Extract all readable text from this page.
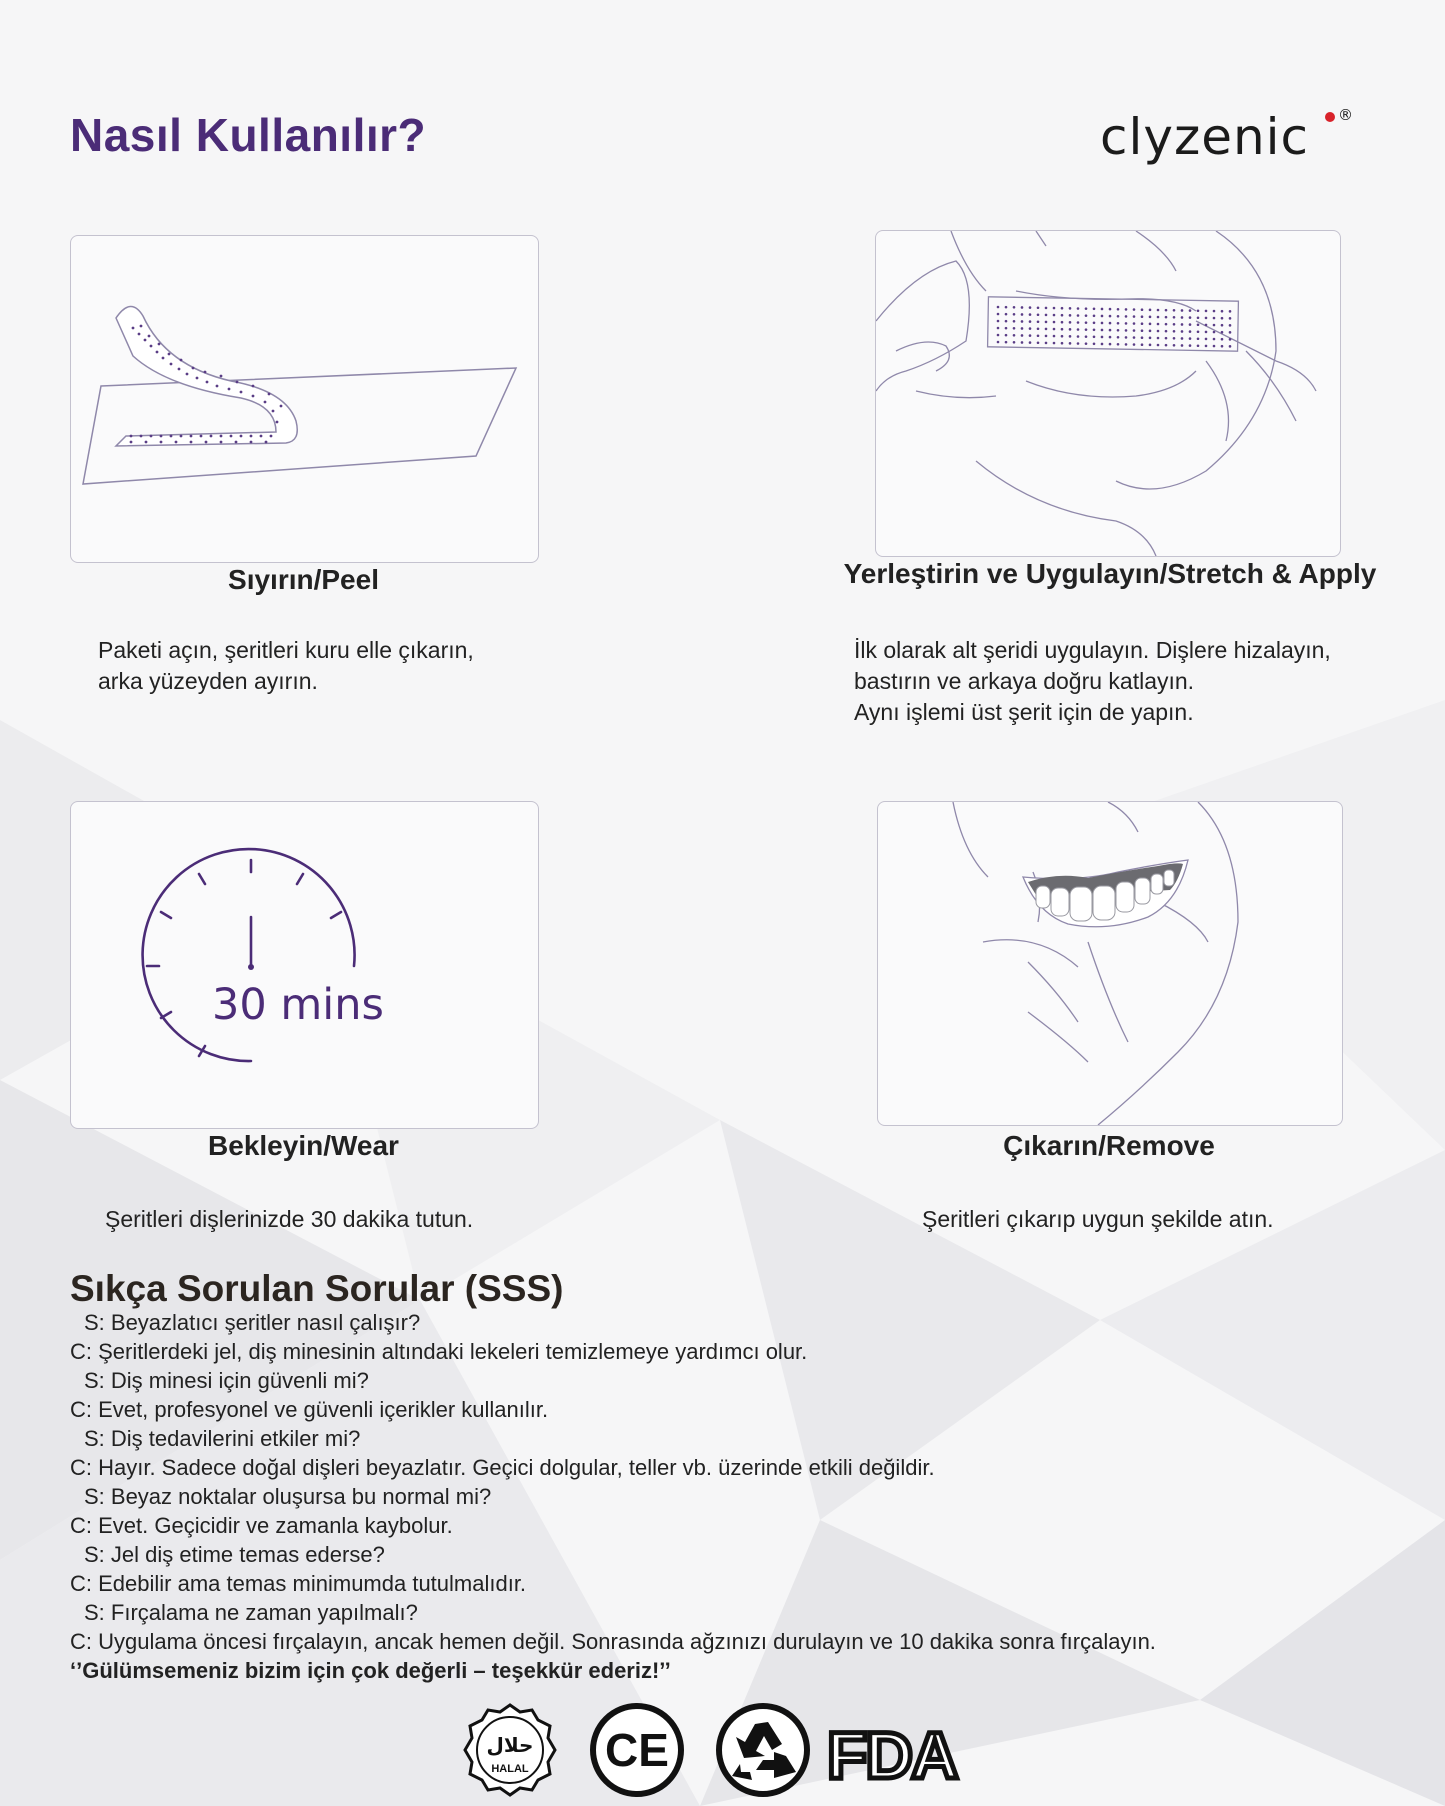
Nasıl Kullanılır?	clyzenic ®
Sıyırın/Peel
Paketi açın, şeritleri kuru elle çıkarın,
arka yüzeyden ayırın.
Yerleştirin ve Uygulayın/Stretch & Apply
İlk olarak alt şeridi uygulayın. Dişlere hizalayın,
bastırın ve arkaya doğru katlayın.
Aynı işlemi üst şerit için de yapın.
30 mins
Bekleyin/Wear
Şeritleri dişlerinizde 30 dakika tutun.
Çıkarın/Remove
Şeritleri çıkarıp uygun şekilde atın.
Sıkça Sorulan Sorular (SSS)
S: Beyazlatıcı şeritler nasıl çalışır?
C: Şeritlerdeki jel, diş minesinin altındaki lekeleri temizlemeye yardımcı olur.
S: Diş minesi için güvenli mi?
C: Evet, profesyonel ve güvenli içerikler kullanılır.
S: Diş tedavilerini etkiler mi?
C: Hayır. Sadece doğal dişleri beyazlatır. Geçici dolgular, teller vb. üzerinde etkili değildir.
S: Beyaz noktalar oluşursa bu normal mi?
C: Evet. Geçicidir ve zamanla kaybolur.
S: Jel diş etime temas ederse?
C: Edebilir ama temas minimumda tutulmalıdır.
S: Fırçalama ne zaman yapılmalı?
C: Uygulama öncesi fırçalayın, ancak hemen değil. Sonrasında ağzınızı durulayın ve 10 dakika sonra fırçalayın.
‘’Gülümsemeniz bizim için çok değerli – teşekkür ederiz!’’
حلال
HALAL CE FDA
